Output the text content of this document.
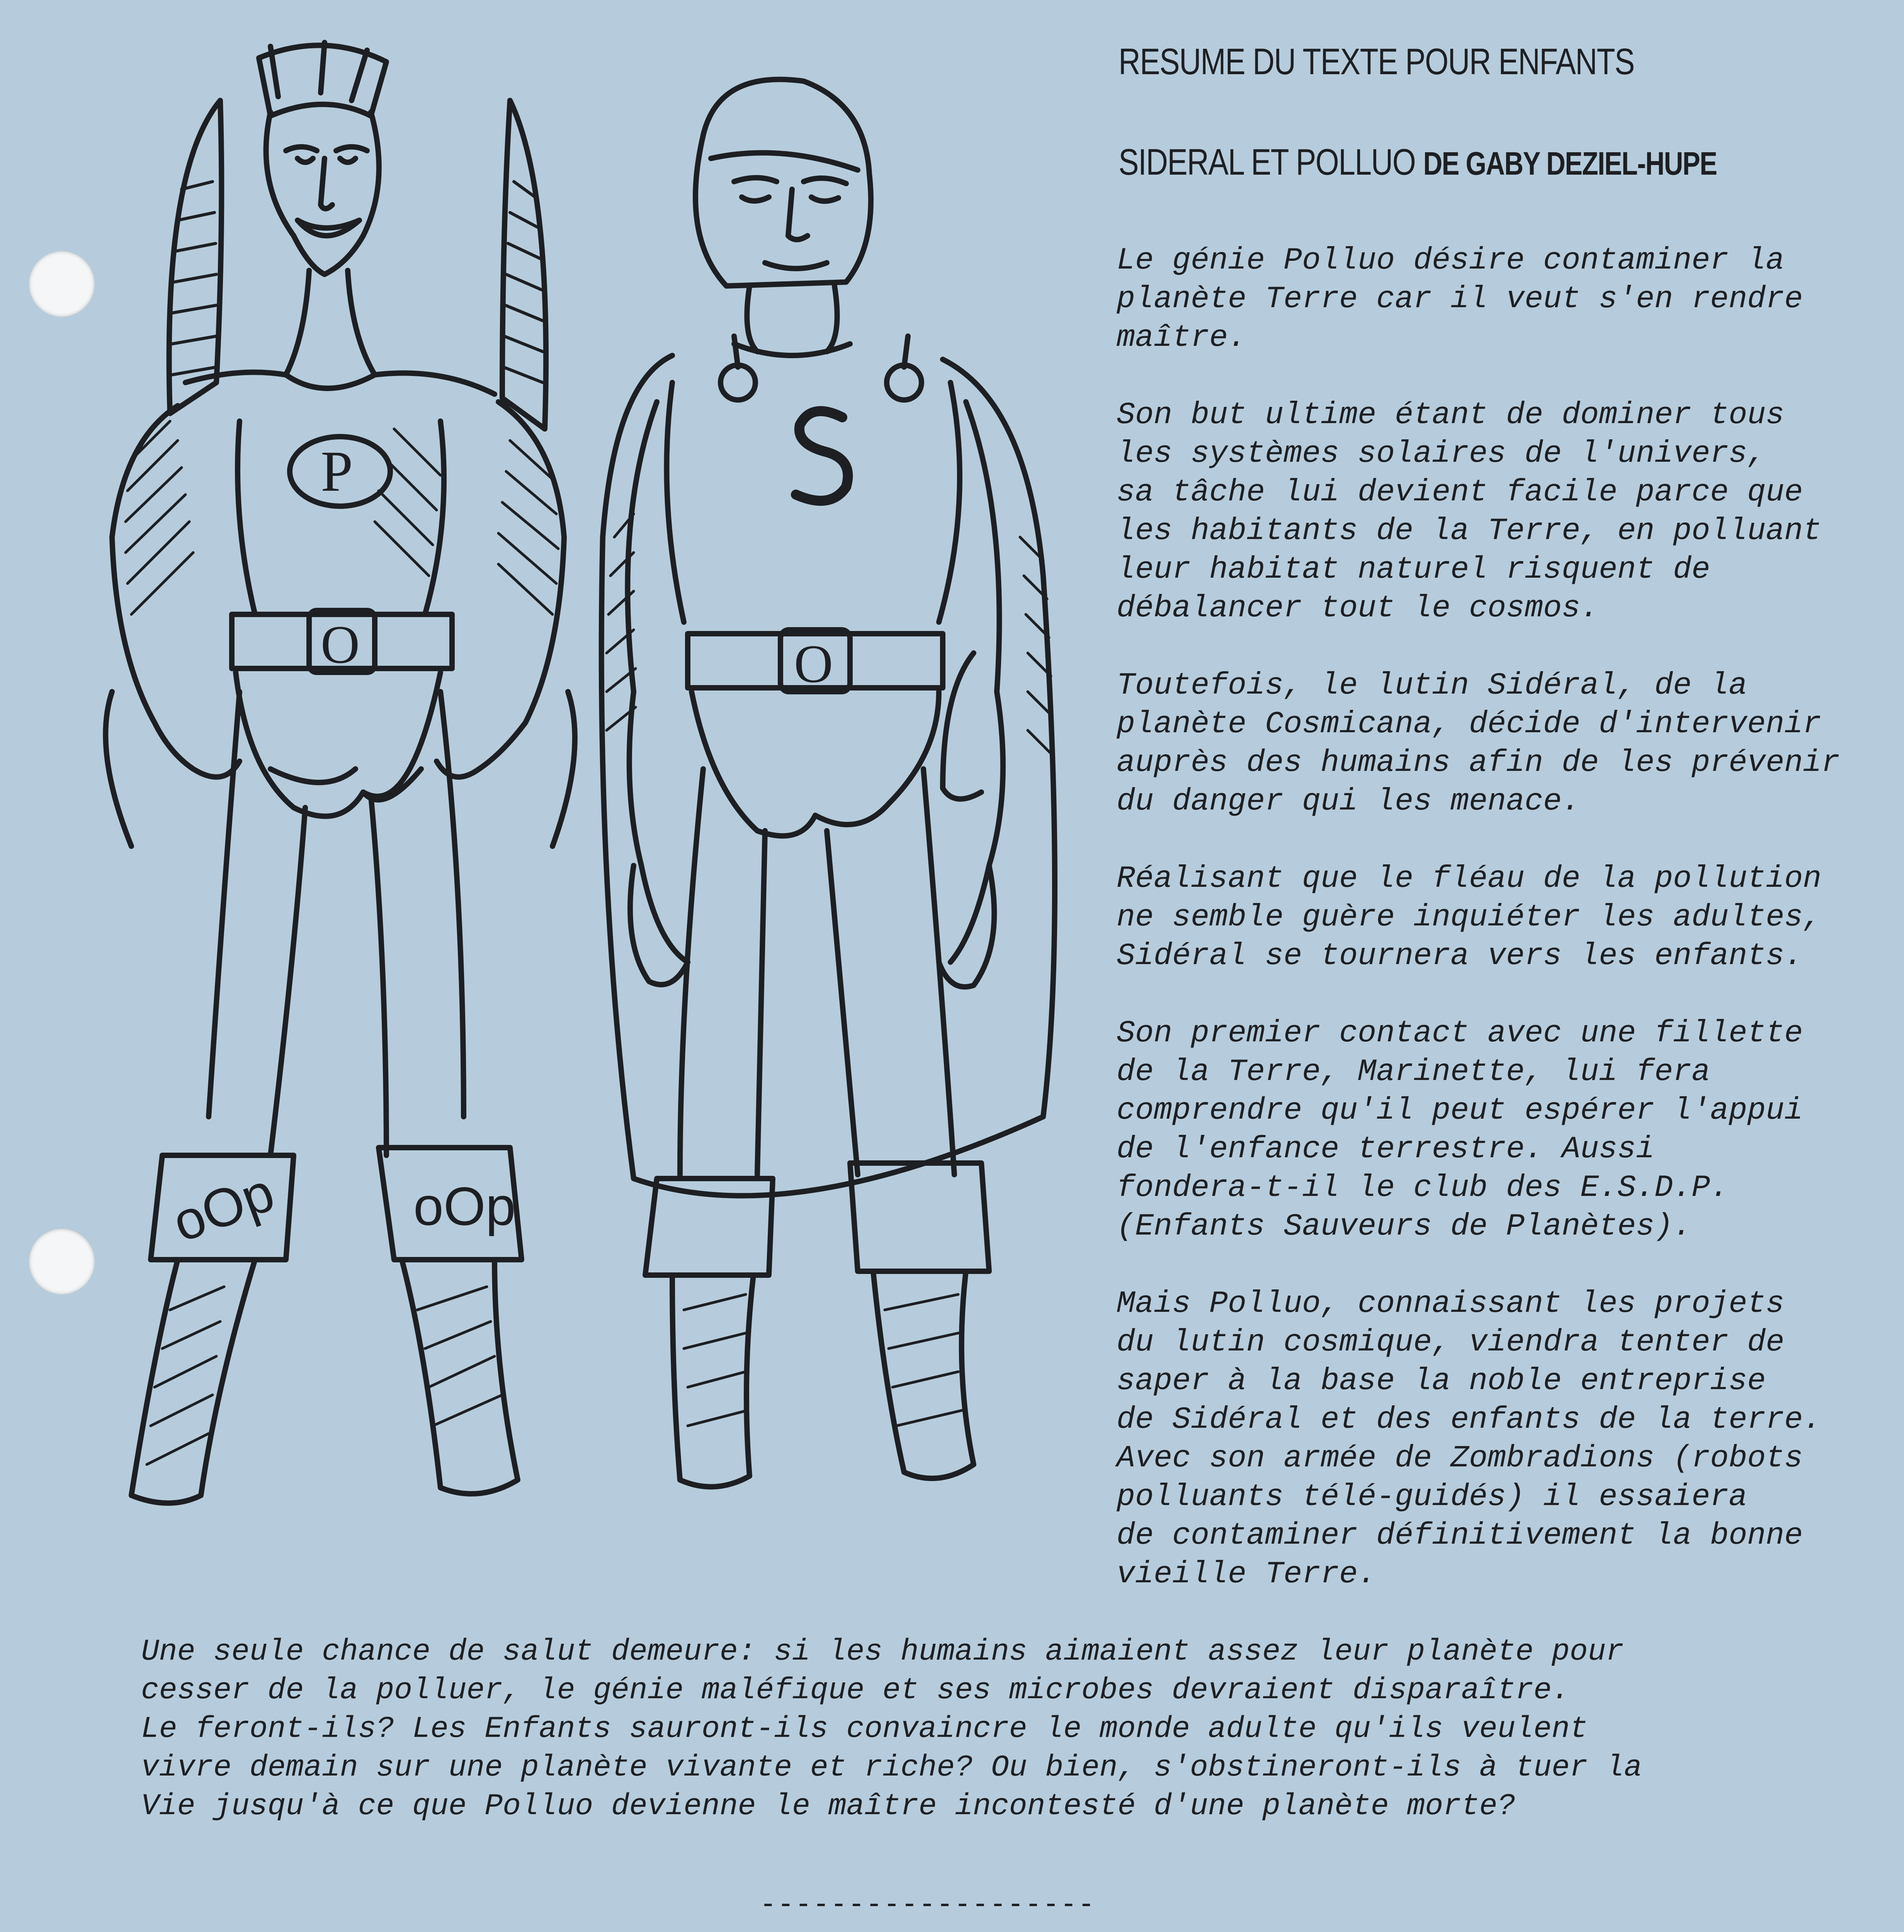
P
O
oOp oOp
O
RESUME DU TEXTE POUR ENFANTS
SIDERAL ET POLLUO DE GABY DEZIEL-HUPE
Le génie Polluo désire contaminer la
planète Terre car il veut s'en rendre
maître.
Son but ultime étant de dominer tous
les systèmes solaires de l'univers,
sa tâche lui devient facile parce que
les habitants de la Terre, en polluant
leur habitat naturel risquent de
débalancer tout le cosmos.
Toutefois, le lutin Sidéral, de la
planète Cosmicana, décide d'intervenir
auprès des humains afin de les prévenir
du danger qui les menace.
Réalisant que le fléau de la pollution
ne semble guère inquiéter les adultes,
Sidéral se tournera vers les enfants.
Son premier contact avec une fillette
de la Terre, Marinette, lui fera
comprendre qu'il peut espérer l'appui
de l'enfance terrestre. Aussi
fondera-t-il le club des E.S.D.P.
(Enfants Sauveurs de Planètes).
Mais Polluo, connaissant les projets
du lutin cosmique, viendra tenter de
saper à la base la noble entreprise
de Sidéral et des enfants de la terre.
Avec son armée de Zombradions (robots
polluants télé-guidés) il essaiera
de contaminer définitivement la bonne
vieille Terre.
Une seule chance de salut demeure: si les humains aimaient assez leur planète pour
cesser de la polluer, le génie maléfique et ses microbes devraient disparaître.
Le feront-ils? Les Enfants sauront-ils convaincre le monde adulte qu'ils veulent
vivre demain sur une planète vivante et riche? Ou bien, s'obstineront-ils à tuer la
Vie jusqu'à ce que Polluo devienne le maître incontesté d'une planète morte?
-------------------
